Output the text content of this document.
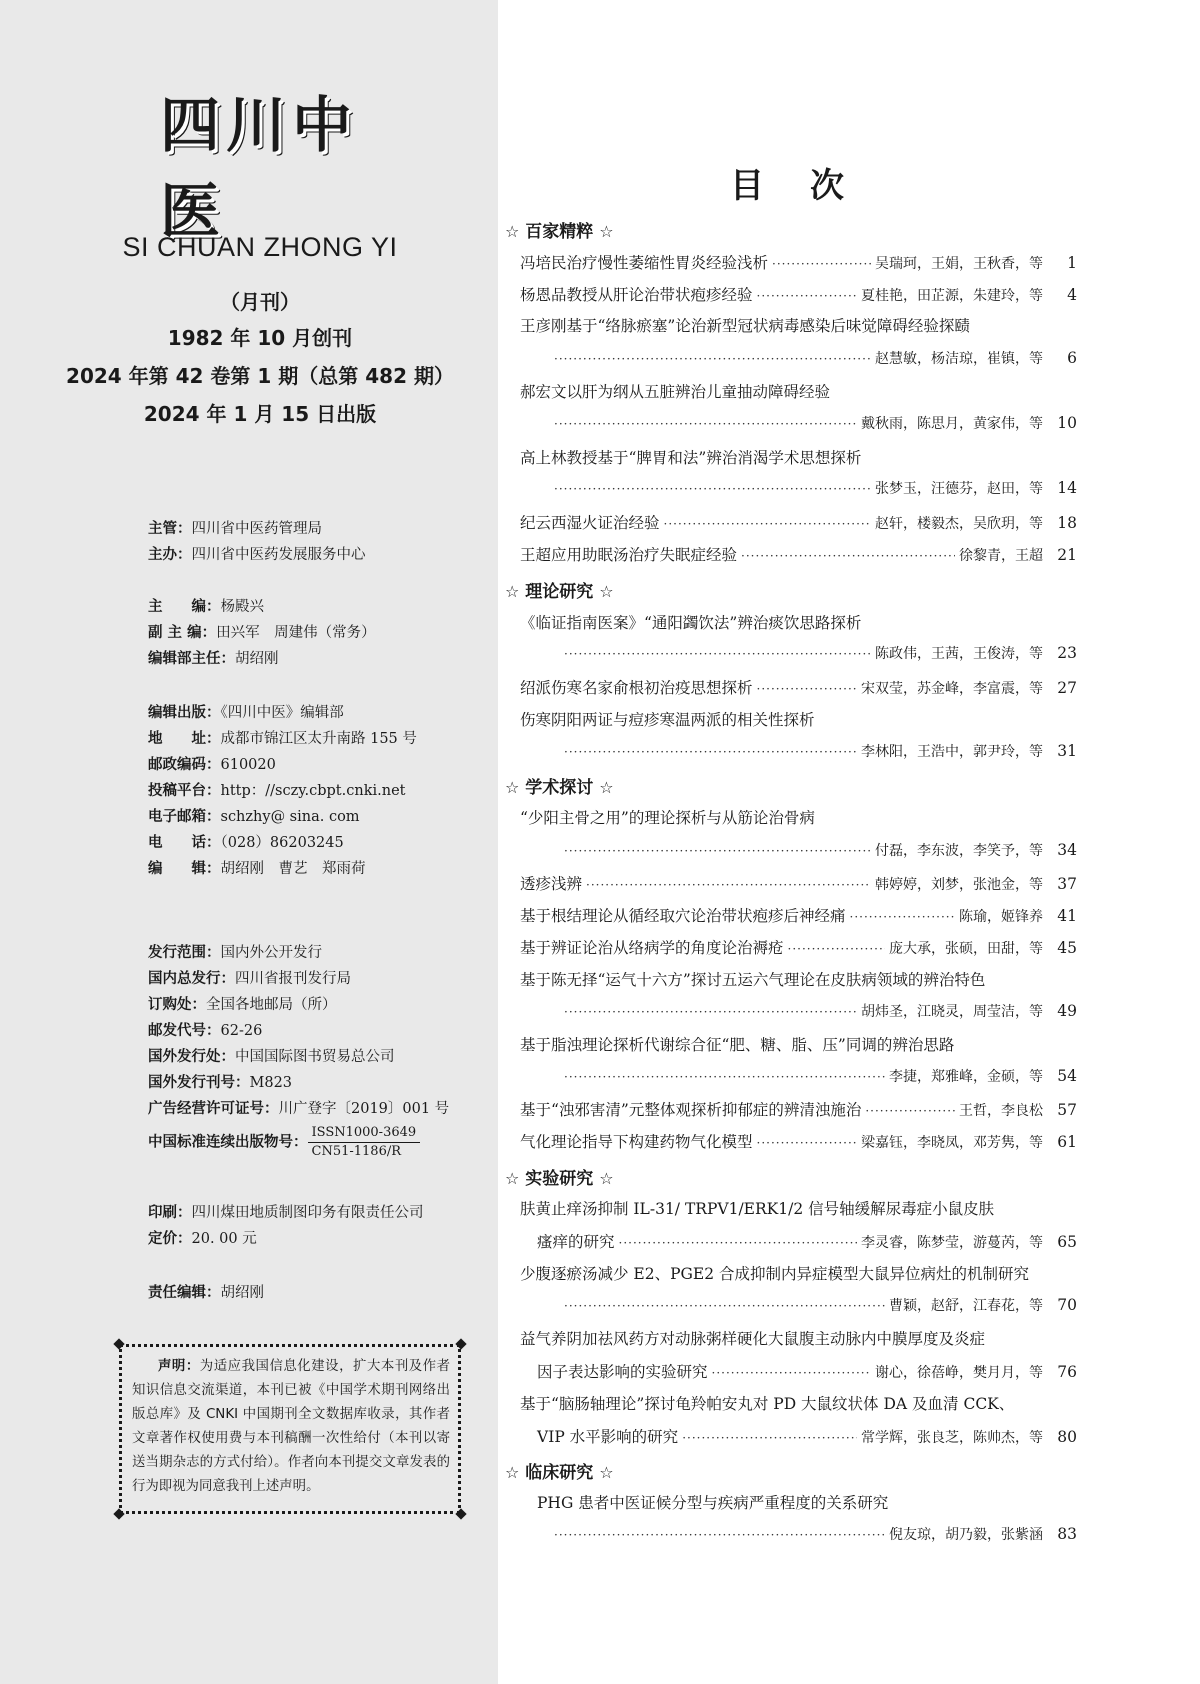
四川中医
SI CHUAN ZHONG YI
（月刊）
1982 年 10 月创刊
2024 年第 42 卷第 1 期（总第 482 期）
2024 年 1 月 15 日出版
主管：四川省中医药管理局
主办：四川省中医药发展服务中心
主　　编：杨殿兴
副 主 编：田兴军　周建伟（常务）
编辑部主任：胡绍刚
编辑出版：《四川中医》编辑部
地　　址：成都市锦江区太升南路 155 号
邮政编码：610020
投稿平台：http：//sczy.cbpt.cnki.net
电子邮箱：schzhy@ sina. com
电　　话：（028）86203245
编　　辑：胡绍刚　曹艺　郑雨荷
发行范围：国内外公开发行
国内总发行：四川省报刊发行局
订购处：全国各地邮局（所）
邮发代号：62-26
国外发行处：中国国际图书贸易总公司
国外发行刊号：M823
广告经营许可证号：川广登字〔2019〕001 号
中国标准连续出版物号：
ISSN1000-3649
CN51-1186/R
印刷：四川煤田地质制图印务有限责任公司
定价：20. 00 元
责任编辑：胡绍刚
声明：为适应我国信息化建设，扩大本刊及作者知识信息交流渠道，本刊已被《中国学术期刊网络出版总库》及 CNKI 中国期刊全文数据库收录，其作者文章著作权使用费与本刊稿酬一次性给付（本刊以寄送当期杂志的方式付给）。作者向本刊提交文章发表的行为即视为同意我刊上述声明。
目次
☆ 百家精粹 ☆
冯培民治疗慢性萎缩性胃炎经验浅析 ·····	吴瑞珂，王娟，王秋香，等	1
杨恩品教授从肝论治带状疱疹经验 ·····	夏桂艳，田芷源，朱建玲，等	4
王彦刚基于“络脉瘀塞”论治新型冠状病毒感染后味觉障碍经验探赜
·····
赵慧敏，杨洁琼，崔镇，等	6
郝宏文以肝为纲从五脏辨治儿童抽动障碍经验
·····
戴秋雨，陈思月，黄家伟，等 10
高上林教授基于“脾胃和法”辨治消渴学术思想探析
·····
张梦玉，汪德芬，赵田，等 14
纪云西湿火证治经验 ·····	赵轩，楼毅杰，吴欣玥，等 18
王超应用助眠汤治疗失眠症经验 ·····	徐黎青，王超 21
☆ 理论研究 ☆
《临证指南医案》“通阳蠲饮法”辨治痰饮思路探析
·····
陈政伟，王茜，王俊涛，等 23
绍派伤寒名家俞根初治疫思想探析 ·····	宋双莹，苏金峰，李富震，等 27
伤寒阴阳两证与痘疹寒温两派的相关性探析
·····
李林阳，王浩中，郭尹玲，等 31
☆ 学术探讨 ☆
“少阳主骨之用”的理论探析与从筋论治骨病
·····
付磊，李东波，李笑予，等 34
透疹浅辨 ·····	韩婷婷，刘梦，张池金，等 37
基于根结理论从循经取穴论治带状疱疹后神经痛 ·····	陈瑜，姬锋养 41
基于辨证论治从络病学的角度论治褥疮 ·····	庞大承，张硕，田甜，等 45
基于陈无择“运气十六方”探讨五运六气理论在皮肤病领域的辨治特色
·····
胡炜圣，江晓灵，周莹洁，等 49
基于脂浊理论探析代谢综合征“肥、糖、脂、压”同调的辨治思路
·····
李捷，郑雅峰，金硕，等 54
基于“浊邪害清”元整体观探析抑郁症的辨清浊施治 ·····	王哲，李良松 57
气化理论指导下构建药物气化模型 ·····	梁嘉钰，李晓凤，邓芳隽，等 61
☆ 实验研究 ☆
肤黄止痒汤抑制 IL-31/ TRPV1/ERK1/2 信号轴缓解尿毒症小鼠皮肤
瘙痒的研究 ·····	李灵睿，陈梦莹，游蔓芮，等 65
少腹逐瘀汤减少 E2、PGE2 合成抑制内异症模型大鼠异位病灶的机制研究
·····
曹颖，赵舒，江春花，等 70
益气养阴加祛风药方对动脉粥样硬化大鼠腹主动脉内中膜厚度及炎症
因子表达影响的实验研究 ·····	谢心，徐蓓峥，樊月月，等 76
基于“脑肠轴理论”探讨龟羚帕安丸对 PD 大鼠纹状体 DA 及血清 CCK、
VIP 水平影响的研究 ·····	常学辉，张良芝，陈帅杰，等 80
☆ 临床研究 ☆
PHG 患者中医证候分型与疾病严重程度的关系研究
·····
倪友琼，胡乃毅，张紫涵 83
